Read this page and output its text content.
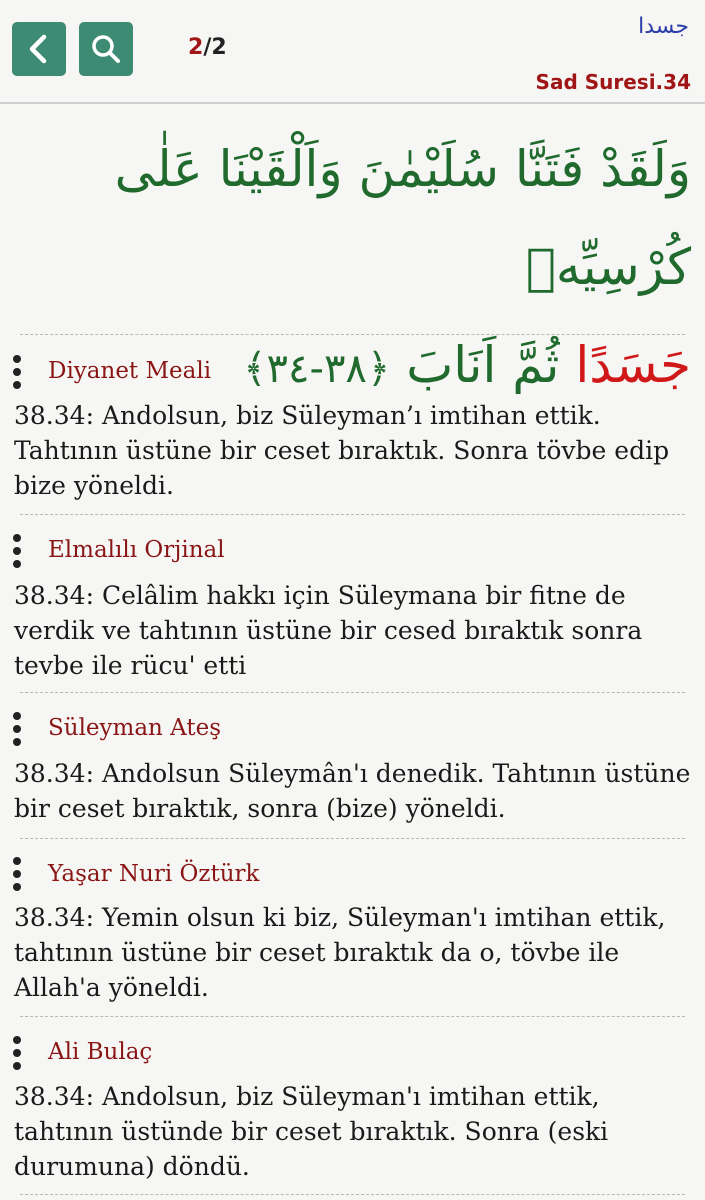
2/2
جسدا
Sad Suresi.34
وَلَقَدْ فَتَنَّا سُلَيْمٰنَ وَاَلْقَيْنَا عَلٰى كُرْسِيِّهٖ
جَسَدًا ثُمَّ اَنَابَ ﴿٣٨-٣٤﴾
Diyanet Meali

38.34: Andolsun, biz Süleyman’ı imtihan ettik. Tahtının üstüne bir ceset bıraktık. Sonra tövbe edip bize yöneldi.

Elmalılı Orjinal

38.34: Celâlim hakkı için Süleymana bir fitne de verdik ve tahtının üstüne bir cesed bıraktık sonra tevbe ile rücu' etti

Süleyman Ateş

38.34: Andolsun Süleymân'ı denedik. Tahtının üstüne bir ceset bıraktık, sonra (bize) yöneldi.

Yaşar Nuri Öztürk

38.34: Yemin olsun ki biz, Süleyman'ı imtihan ettik, tahtının üstüne bir ceset bıraktık da o, tövbe ile Allah'a yöneldi.

Ali Bulaç

38.34: Andolsun, biz Süleyman'ı imtihan ettik, tahtının üstünde bir ceset bıraktık. Sonra (eski durumuna) döndü.
